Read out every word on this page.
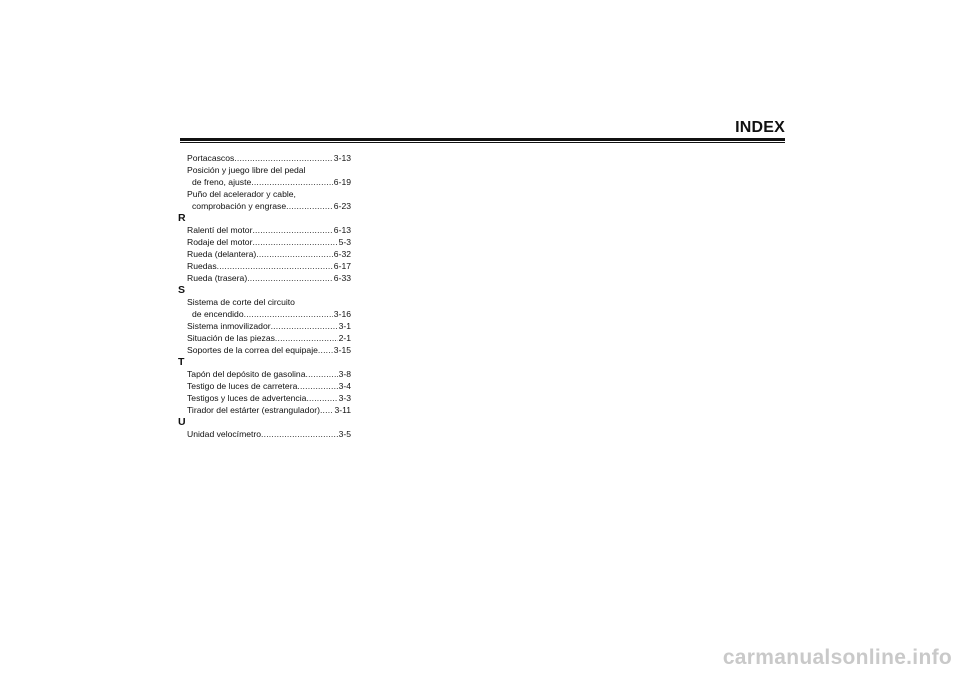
INDEX
Portacascos .....	3-13
Posición y juego libre del pedal
de freno, ajuste .....	6-19
Puño del acelerador y cable,
comprobación y engrase .....	6-23
R
Ralentí del motor .....	6-13
Rodaje del motor .....	5-3
Rueda (delantera) .....	6-32
Ruedas .....	6-17
Rueda (trasera) .....	6-33
S
Sistema de corte del circuito
de encendido .....	3-16
Sistema inmovilizador .....	3-1
Situación de las piezas .....	2-1
Soportes de la correa del equipaje ..... 3-15
T
Tapón del depósito de gasolina .....	3-8
Testigo de luces de carretera .....	3-4
Testigos y luces de advertencia .....	3-3
Tirador del estárter (estrangulador) ..... 3-11
U
Unidad velocímetro .....	3-5
carmanualsonline.info
